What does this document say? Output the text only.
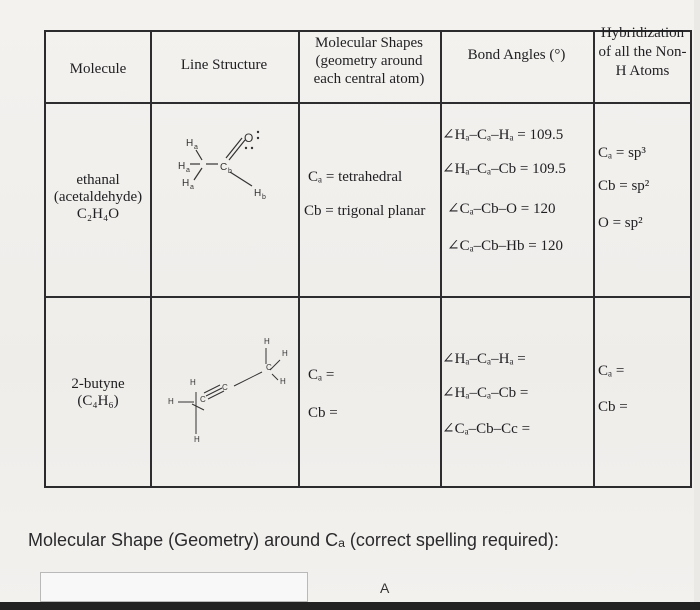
Molecule	Line Structure
Molecular Shapes
(geometry around
each central atom)
Bond Angles (°)
Hybridization
of all the Non-
H Atoms
ethanal
(acetaldehyde)
C₂H₄O
H a
H a
H a
C b
O
H b
Cₐ = tetrahedral
Cb = trigonal planar
∠Hₐ–Cₐ–Hₐ = 109.5
∠Hₐ–Cₐ–Cb = 109.5
∠Cₐ–Cb–O = 120
∠Cₐ–Cb–Hb = 120
Cₐ = sp³
Cb = sp²
O = sp²
2-butyne
(C₄H₆)
H
H
H
C
C
C
H
H
H
Cₐ =
Cb =
∠Hₐ–Cₐ–Hₐ =
∠Hₐ–Cₐ–Cb =
∠Cₐ–Cb–Cc =
Cₐ =
Cb =
Molecular Shape (Geometry) around Cₐ (correct spelling required):
A
